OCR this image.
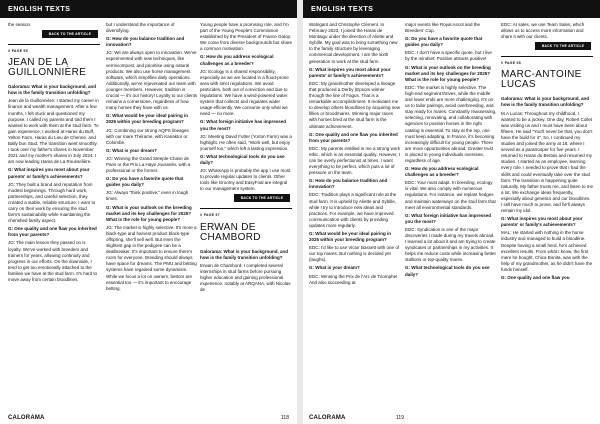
ENGLISH TEXTS

the season.

BACK TO THE ARTICLE
// PAGE 95
JEAN DE LA GUILLONNIÈRE

Galorama: What is your background, and how is the family transition unfolding?

Jean de la Guillonnière: I started my career in finance and wealth management. After a few months, I felt stuck and questioned my purpose. I called my parents and told them I wanted to work with them at the stud farm. To gain experience, I worked at Haras du Buff, Yelton Farm, Haras du Lieu de Chenne, and Bally bun Stud. The transition went smoothly. I took over my father's shares in November 2021 and my mother's shares in July 2024. I am now leading Haras de La Rousselière.

G: What inspires you most about your parents' or family's achievements?

JG: They built a brand and reputation from modest beginnings. Through hard work, partnerships, and careful selection, they created a stable, reliable structure. I want to carry on their work by ensuring the stud farm's sustainability while maintaining the cherished family aspect.

G: One quality and one flaw you inherited from your parents?

JG: The main lesson they passed on is loyalty. We've worked with breeders and trainers for years, allowing continuity and progress in our efforts. On the downside, I tend to get too emotionally attached to the families we have at the stud farm. It's hard to move away from certain bloodlines,

but I understand the importance of diversifying.

G: How do you balance tradition and innovation?

JG: We are always open to innovation. We've experimented with new techniques, like vermicompost, and prioritise using natural products. We also use horse management software, which simplifies daily operations. Additionally, we've rejuvenated our team with younger members. However, tradition is crucial — it's our history! Loyalty to our clients remains a cornerstone, regardless of how many horses they have with us.

G: What would be your ideal pairing in 2025 within your breeding program?

JG: Combining our strong AQPS lineages with our mare Thérame, with Kanaktor or Colombe.

G: What is your dream?

JG: Winning the Grand Steeple-Chase de Paris or the Prix La Haye Jousselin, with a professional or the former.

G: Do you have a favorite quote that guides you daily?

JG: Always "think positive," even in tough times.

G: What is your outlook on the breeding market and its key challenges for 2025? What is the role for young people?

JG: The market is highly selective. It's more a black-type and harvest product black-type offspring, she'll sell well. But even the slightest gap in the pedigree can be a dealbreaker. It's important to ensure there's room for everyone. Breeding should always have space for dreams. The PMU and betting systems have regained some dynamism. While we focus a lot on owners, bettors are essential too — it's important to encourage betting.

Young people have a promising role, and I'm part of the Young People's Commission established by the President of France Galop. We come from diverse backgrounds but share a common motivation.

G: How do you address ecological challenges as a breeder?

JG: Ecology is a shared responsibility, especially as we are located in a flood-prone area with strict regulations. We avoid pesticides, both out of conviction and due to regulations. We have a wind-powered water system that collects and regulates water usage efficiently. We consume only what we need — no more.

G: What foreign initiative has impressed you the most?

JG: Meeting David Futter (Yorton Farm) was a highlight. He often said, "Work well, but enjoy yourself too," which left a lasting impression.

G: What technological tools do you use daily?

JG: WhatsApp is probably the app I use most to provide regular updates to clients. Other tools like Groomy and EasyFoal are integral to our management system.

BACK TO THE ARTICLE
// PAGE 97
ERWAN DE CHAMBORD

Galorama: What is your background, and how is the family transition unfolding?

Erwan de Chambord: I completed several internships in stud farms before pursuing higher education and gaining professional experience, notably at ARQANA, with Nicolas de

CALORAMA	118
ENGLISH TEXTS

Watrigant and Christophe Clément. In February 2023, I joined the Haras de Montaigu under the direction of Aliette and Sybille. My goal was to bring something new to the family structure by leveraging commercial development. I am the sixth generation to work at the stud farm.

G: What inspires you most about your parents' or family's achievements?

EDC: My grandmother developed a lineage that produced a Derby (Epsom winner through the line of Fagus. That is a remarkable accomplishment. It motivates me to develop others bloodlines by acquiring new fillies or broodmares. Winning major races with horses bred at the stud farm is the ultimate achievement.

G: One quality and one flaw you inherited from your parents?

EDC: My parents instilled in me a strong work ethic, which is an essential quality. However, I can be overly perfectionist at times. I want everything to be perfect, which puts a lot of pressure on the team.

G: How do you balance tradition and innovation?

EDC: Tradition plays a significant role at the stud farm. It is upheld by Aliette and Sybille, while I try to introduce new ideas and practices. For example, we have improved communication with clients by providing updates more regularly.

G: What would be your ideal pairing in 2025 within your breeding program?

EDC: I'd like to use Victor Bassett with one of our top mares. But nothing is decided yet (laughs).

G: What is your dream?

EDC: Winning the Prix de l'Arc de Triomphe! And also succeeding at

major events like Royal Ascot and the Breeders' Cup.

G: Do you have a favorite quote that guides you daily?

EDC: I don't have a specific quote, but I live by the mindset: Positive attracts positive!

G: What is your outlook on the breeding market and its key challenges for 2025? What is the role for young people?

EDC: The market is highly selective. The high-end segment thrives, while the middle and lower ends are more challenging. It's on us to tailor pairings, avoid overbreeding, and stay ready for mares. Constantly reassessing, selecting, renovating, and collaborating with agencies to position horses in the right catalog is essential. To stay at the top, one must keep adapting. In France, it's becoming increasingly difficult for young people. There are more opportunities abroad. Greater trust is placed in young individuals overseas, regardless of age.

G: How do you address ecological challenges as a breeder?

EDC: Your must adapt. In breeding, ecology is vital. We also comply with numerous regulations. For instance, we replant hedges and maintain waterways on the stud farm that meet all environmental standards.

G: What foreign initiative has impressed you the most?

EDC: Syndication is one of the major discoveries I made during my travels abroad. I learned a lot about it and am trying to create syndicates or partnerships in my activities. It helps me reduce costs while increasing better stallions or top-quality mares.

G: What technological tools do you use daily?

EDC: At sales, we use Team Sales, which allows us to access more information and share it with our clients.

BACK TO THE ARTICLE
// PAGE 98
MARC-ANTOINE LUCAS

Galorama: What is your background, and how is the family transition unfolding?

M.A Lucas: Throughout my childhood, I wanted to be a jockey. One day, Robert Collet was visiting us and I must have been about fifteen. He said "You'll never be that, you don't have the build for it", So, I continued my studies and joined the army at 18, where I served as a paratrooper for five years. I returned to Haras du Berlais and resumed my studies. I started as an employee, learning every role. I needed to prove that I had the skills and could eventually take over the stud farm. The transition is happening quite naturally. My father trusts me, and listen to me a lot. We exchange ideas frequently, especially about genetics and our bloodlines. I still have much to prove, and he'll always remain my idol.

G: What inspires you most about your parents' or family's achievements?

MAL: He started with nothing in the horse industry and managed to build a bloodline. Despite having a small herd, he's achieved excellent results. From what I know, the first mare he bought, Chica Bonita, was with the help of my grandmother, as he didn't have the funds himself.

G: One quality and one flaw you

CALORAMA	119
